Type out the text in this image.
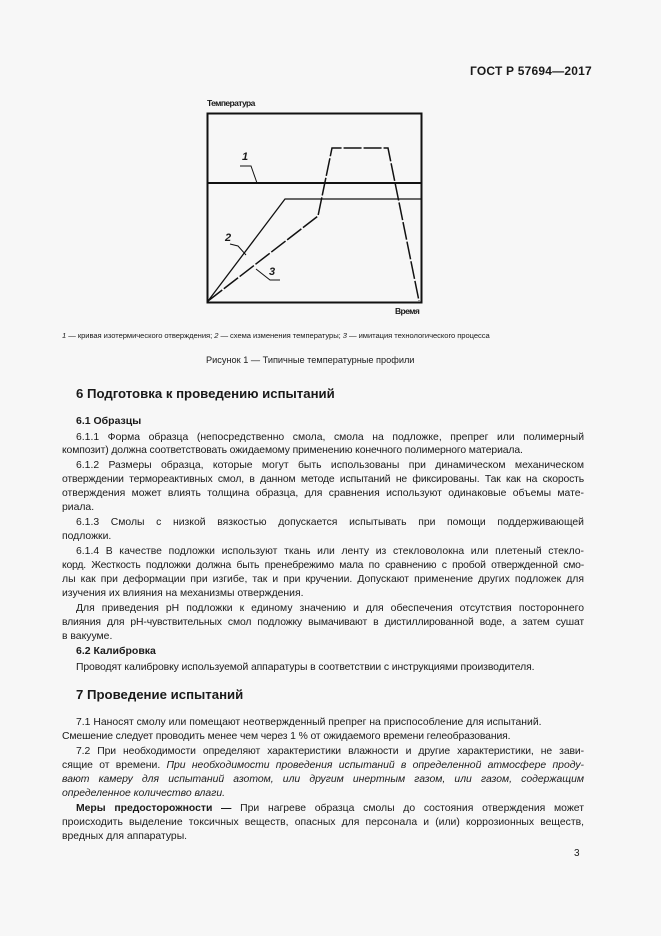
ГОСТ Р 57694—2017
Температура
1
2
3
Время
1 — кривая изотермического отверждения; 2 — схема изменения температуры; 3 — имитация технологического процесса
Рисунок 1 — Типичные температурные профили
6 Подготовка к проведению испытаний
6.1 Образцы
6.1.1 Форма образца (непосредственно смола, смола на подложке, препрег или полимерный
композит) должна соответствовать ожидаемому применению конечного полимерного материала.
6.1.2 Размеры образца, которые могут быть использованы при динамическом механическом
отверждении термореактивных смол, в данном методе испытаний не фиксированы. Так как на скорость
отверждения может влиять толщина образца, для сравнения используют одинаковые объемы мате-
риала.
6.1.3 Смолы с низкой вязкостью допускается испытывать при помощи поддерживающей
подложки.
6.1.4 В качестве подложки используют ткань или ленту из стекловолокна или плетеный стекло-
корд. Жесткость подложки должна быть пренебрежимо мала по сравнению с пробой отвержденной смо-
лы как при деформации при изгибе, так и при кручении. Допускают применение других подложек для
изучения их влияния на механизмы отверждения.
Для приведения pH подложки к единому значению и для обеспечения отсутствия постороннего
влияния для pH-чувствительных смол подложку вымачивают в дистиллированной воде, а затем сушат
в вакууме.
6.2 Калибровка
Проводят калибровку используемой аппаратуры в соответствии с инструкциями производителя.
7 Проведение испытаний
7.1 Наносят смолу или помещают неотвержденный препрег на приспособление для испытаний.
Смешение следует проводить менее чем через 1 % от ожидаемого времени гелеобразования.
7.2 При необходимости определяют характеристики влажности и другие характеристики, не зави-
сящие от времени. При необходимости проведения испытаний в определенной атмосфере проду-
вают камеру для испытаний азотом, или другим инертным газом, или газом, содержащим
определенное количество влаги.
Меры предосторожности — При нагреве образца смолы до состояния отверждения может
происходить выделение токсичных веществ, опасных для персонала и (или) коррозионных веществ,
вредных для аппаратуры.
3
